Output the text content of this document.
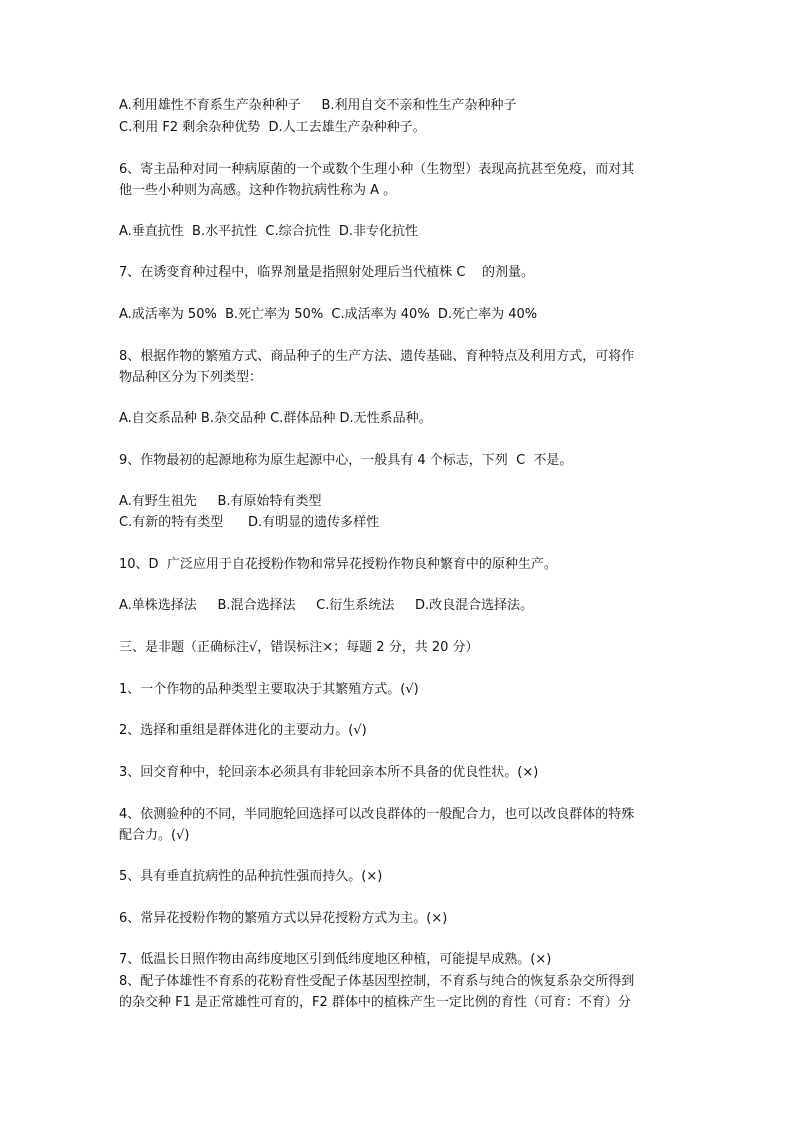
A.利用雄性不育系生产杂种种子     B.利用自交不亲和性生产杂种种子
C.利用 F2 剩余杂种优势  D.人工去雄生产杂种种子。
6、寄主品种对同一种病原菌的一个或数个生理小种（生物型）表现高抗甚至免疫，而对其
他一些小种则为高感。这种作物抗病性称为 A 。
A.垂直抗性  B.水平抗性  C.综合抗性  D.非专化抗性
7、在诱变育种过程中，临界剂量是指照射处理后当代植株 C    的剂量。
A.成活率为 50%  B.死亡率为 50%  C.成活率为 40%  D.死亡率为 40%
8、根据作物的繁殖方式、商品种子的生产方法、遗传基础、育种特点及利用方式，可将作
物品种区分为下列类型：
A.自交系品种 B.杂交品种 C.群体品种 D.无性系品种。
9、作物最初的起源地称为原生起源中心，一般具有 4 个标志，下列  C  不是。
A.有野生祖先     B.有原始特有类型
C.有新的特有类型      D.有明显的遗传多样性
10、D  广泛应用于自花授粉作物和常异花授粉作物良种繁育中的原种生产。
A.单株选择法     B.混合选择法     C.衍生系统法     D.改良混合选择法。
三、是非题（正确标注√，错误标注×；每题 2 分，共 20 分）
1、一个作物的品种类型主要取决于其繁殖方式。(√)
2、选择和重组是群体进化的主要动力。(√)
3、回交育种中，轮回亲本必须具有非轮回亲本所不具备的优良性状。(×)
4、依测验种的不同，半同胞轮回选择可以改良群体的一般配合力，也可以改良群体的特殊
配合力。(√)
5、具有垂直抗病性的品种抗性强而持久。(×)
6、常异花授粉作物的繁殖方式以异花授粉方式为主。(×)
7、低温长日照作物由高纬度地区引到低纬度地区种植，可能提早成熟。(×)
8、配子体雄性不育系的花粉育性受配子体基因型控制，不育系与纯合的恢复系杂交所得到
的杂交种 F1 是正常雄性可育的，F2 群体中的植株产生一定比例的育性（可育：不育）分
